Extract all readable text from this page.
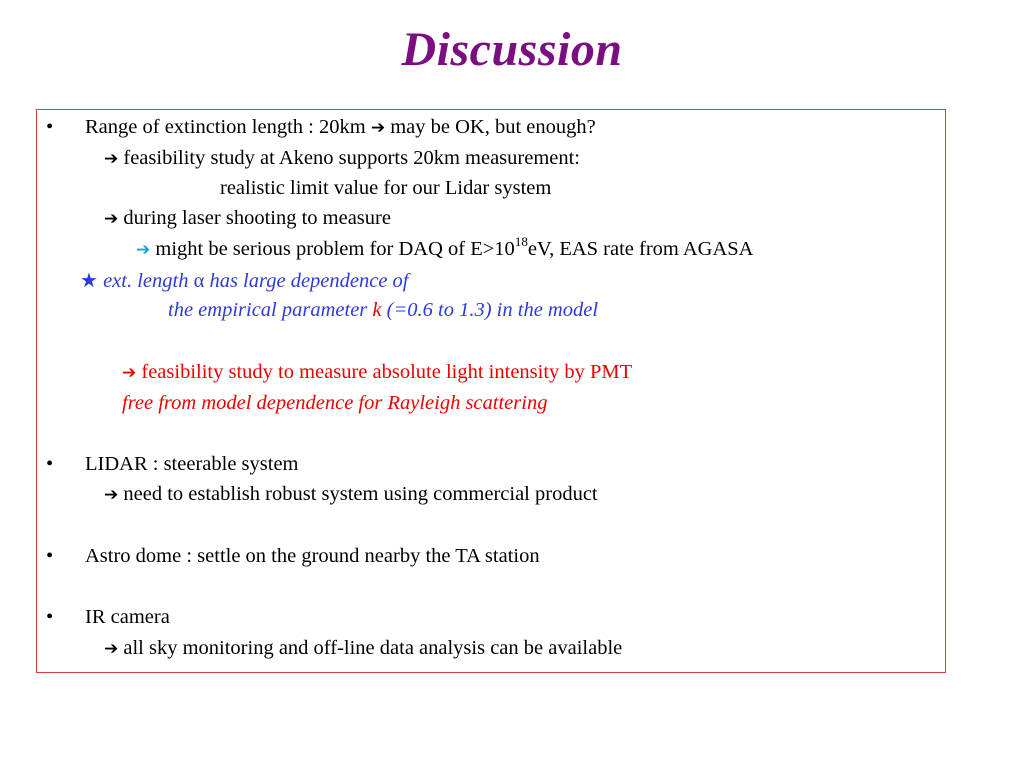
Discussion
• Range of extinction length : 20km ➔ may be OK, but enough?
➔ feasibility study at Akeno supports 20km measurement:
realistic limit value for our Lidar system
➔ during laser shooting to measure
➔ might be serious problem for DAQ of $E>10^{18}eV$, EAS rate from AGASA
★ ext. length α has large dependence of
the empirical parameter k (=0.6 to 1.3) in the model
➔ feasibility study to measure absolute light intensity by PMT
free from model dependence for Rayleigh scattering
• LIDAR : steerable system
➔ need to establish robust system using commercial product
• Astro dome : settle on the ground nearby the TA station
• IR camera
➔ all sky monitoring and off-line data analysis can be available
